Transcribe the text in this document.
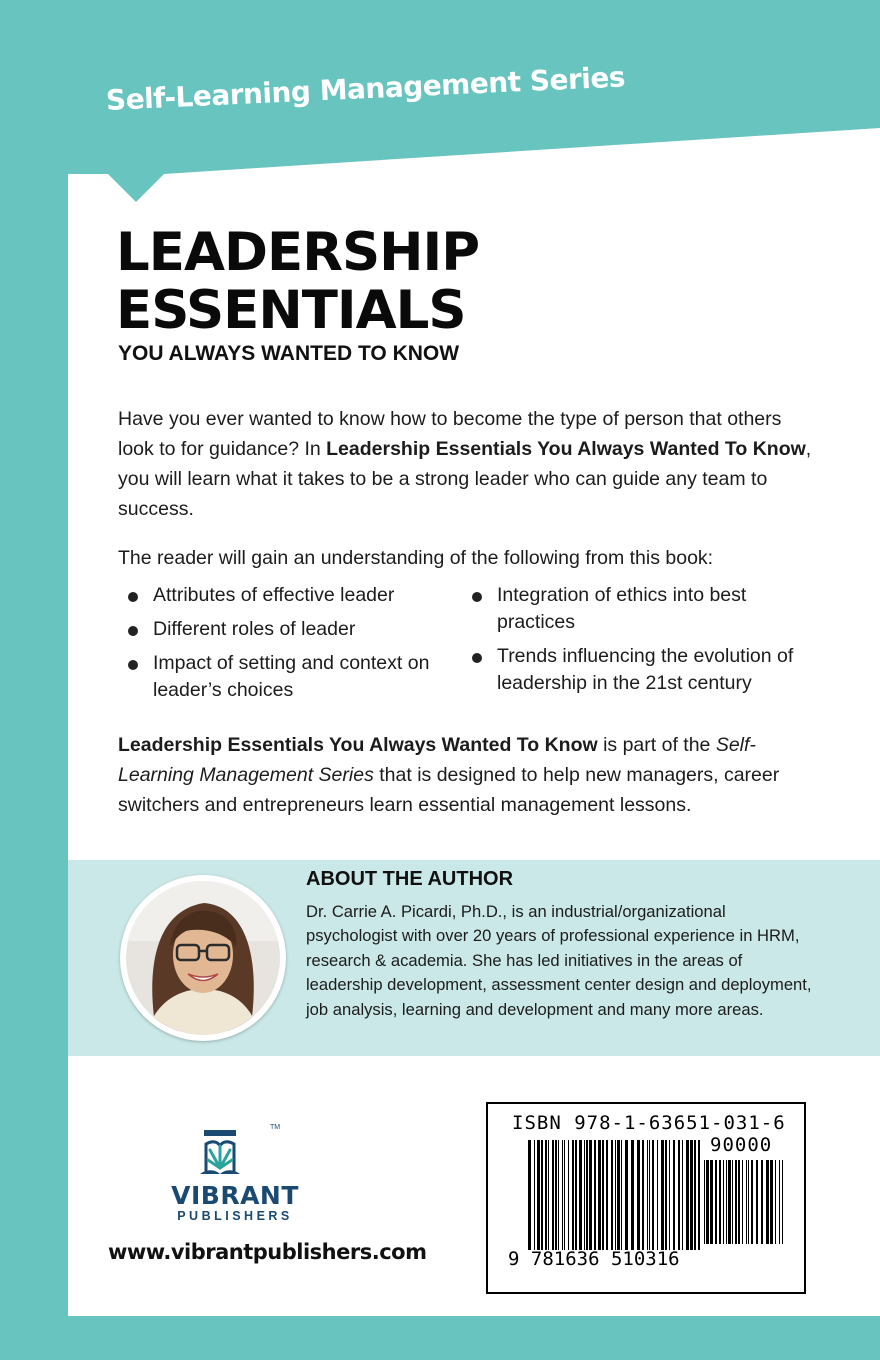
Self-Learning Management Series
LEADERSHIP
ESSENTIALS
YOU ALWAYS WANTED TO KNOW

Have you ever wanted to know how to become the type of person that others look to for guidance? In Leadership Essentials You Always Wanted To Know, you will learn what it takes to be a strong leader who can guide any team to success.

The reader will gain an understanding of the following from this book:

Attributes of effective leader
Different roles of leader
Impact of setting and context on leader’s choices
Integration of ethics into best practices
Trends influencing the evolution of leadership in the 21st century

Leadership Essentials You Always Wanted To Know is part of the Self-Learning Management Series that is designed to help new managers, career switchers and entrepreneurs learn essential management lessons.

ABOUT THE AUTHOR

Dr. Carrie A. Picardi, Ph.D., is an industrial/organizational psychologist with over 20 years of professional experience in HRM, research & academia. She has led initiatives in the areas of leadership development, assessment center design and deployment, job analysis, learning and development and many more areas.

TM
VIBRANT
PUBLISHERS
www.vibrantpublishers.com
ISBN 978-1-63651-031-6
90000
9 781636 510316
